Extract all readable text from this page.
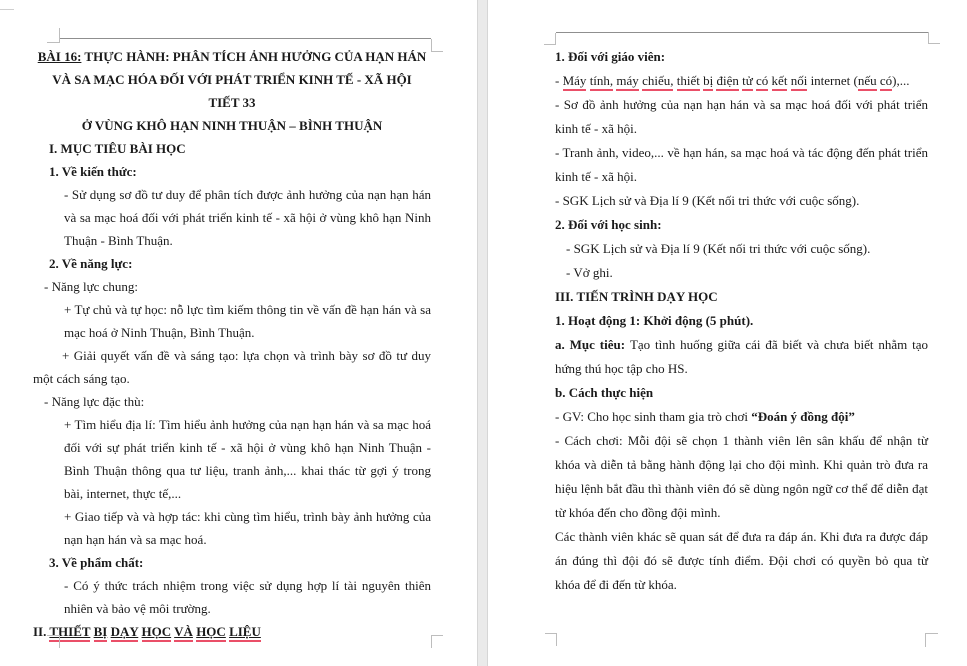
BÀI 16: THỰC HÀNH: PHÂN TÍCH ẢNH HƯỞNG CỦA HẠN HÁN VÀ SA MẠC HÓA ĐỐI VỚI PHÁT TRIỂN KINH TẾ - XÃ HỘI
TIẾT 33
Ở VÙNG KHÔ HẠN NINH THUẬN – BÌNH THUẬN
I. MỤC TIÊU BÀI HỌC
1. Về kiến thức:
- Sử dụng sơ đồ tư duy để phân tích được ảnh hưởng của nạn hạn hán và sa mạc hoá đối với phát triển kinh tế - xã hội ở vùng khô hạn Ninh Thuận - Bình Thuận.
2. Về năng lực:
- Năng lực chung:
+ Tự chủ và tự học: nỗ lực tìm kiếm thông tin về vấn đề hạn hán và sa mạc hoá ở Ninh Thuận, Bình Thuận.
+ Giải quyết vấn đề và sáng tạo: lựa chọn và trình bày sơ đồ tư duy một cách sáng tạo.
- Năng lực đặc thù:
+ Tìm hiểu địa lí: Tìm hiểu ảnh hưởng của nạn hạn hán và sa mạc hoá đối với sự phát triển kinh tế - xã hội ở vùng khô hạn Ninh Thuận - Bình Thuận thông qua tư liệu, tranh ảnh,... khai thác từ gợi ý trong bài, internet, thực tế,...
+ Giao tiếp và và hợp tác: khi cùng tìm hiểu, trình bày ảnh hưởng của nạn hạn hán và sa mạc hoá.
3. Về phẩm chất:
- Có ý thức trách nhiệm trong việc sử dụng hợp lí tài nguyên thiên nhiên và bảo vệ môi trường.
II. THIẾT BỊ DẠY HỌC VÀ HỌC LIỆU
1. Đối với giáo viên:
- Máy tính, máy chiếu, thiết bị điện tử có kết nối internet (nếu có),...
- Sơ đồ ảnh hưởng của nạn hạn hán và sa mạc hoá đối với phát triển kinh tế - xã hội.
- Tranh ảnh, video,... về hạn hán, sa mạc hoá và tác động đến phát triển kinh tế - xã hội.
- SGK Lịch sử và Địa lí 9 (Kết nối tri thức với cuộc sống).
2. Đối với học sinh:
- SGK Lịch sử và Địa lí 9 (Kết nối tri thức với cuộc sống).
- Vở ghi.
III. TIẾN TRÌNH DẠY HỌC
1. Hoạt động 1: Khởi động (5 phút).
a. Mục tiêu: Tạo tình huống giữa cái đã biết và chưa biết nhằm tạo hứng thú học tập cho HS.
b. Cách thực hiện
- GV: Cho học sinh tham gia trò chơi “Đoán ý đồng đội”
- Cách chơi: Mỗi đội sẽ chọn 1 thành viên lên sân khấu để nhận từ khóa và diễn tả bằng hành động lại cho đội mình. Khi quản trò đưa ra hiệu lệnh bắt đầu thì thành viên đó sẽ dùng ngôn ngữ cơ thể để diễn đạt từ khóa đến cho đồng đội mình.
Các thành viên khác sẽ quan sát để đưa ra đáp án. Khi đưa ra được đáp án đúng thì đội đó sẽ được tính điểm. Đội chơi có quyền bỏ qua từ khóa để đi đến từ khóa.
